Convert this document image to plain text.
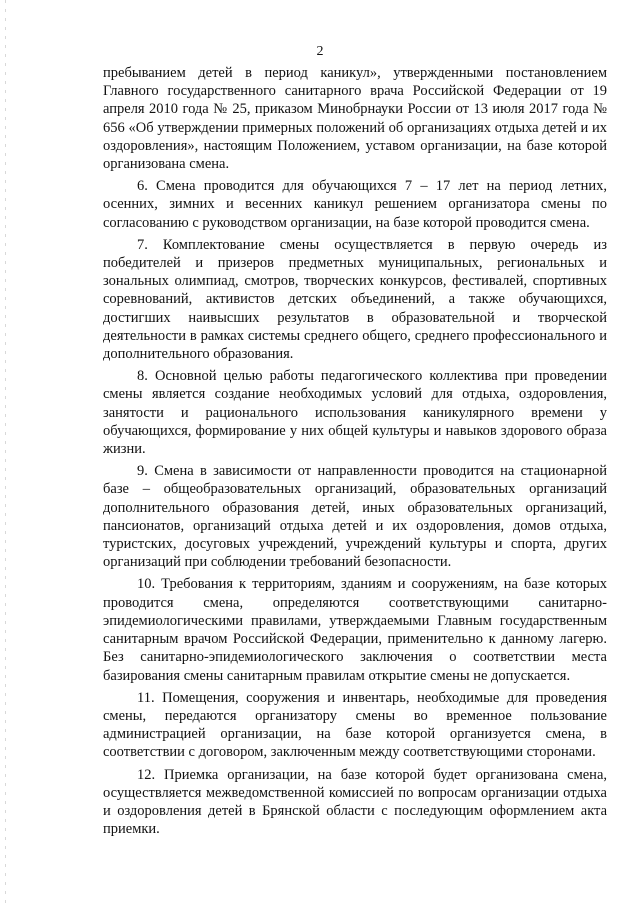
2

пребыванием детей в период каникул», утвержденными постановлением Главного государственного санитарного врача Российской Федерации от 19 апреля 2010 года № 25, приказом Минобрнауки России от 13 июля 2017 года № 656 «Об утверждении примерных положений об организациях отдыха детей и их оздоровления», настоящим Положением, уставом организации, на базе которой организована смена.

6. Смена проводится для обучающихся 7 – 17 лет на период летних, осенних, зимних и весенних каникул решением организатора смены по согласованию с руководством организации, на базе которой проводится смена.

7. Комплектование смены осуществляется в первую очередь из победителей и призеров предметных муниципальных, региональных и зональных олимпиад, смотров, творческих конкурсов, фестивалей, спортивных соревнований, активистов детских объединений, а также обучающихся, достигших наивысших результатов в образовательной и творческой деятельности в рамках системы среднего общего, среднего профессионального и дополнительного образования.

8. Основной целью работы педагогического коллектива при проведении смены является создание необходимых условий для отдыха, оздоровления, занятости и рационального использования каникулярного времени у обучающихся, формирование у них общей культуры и навыков здорового образа жизни.

9. Смена в зависимости от направленности проводится на стационарной базе – общеобразовательных организаций, образовательных организаций дополнительного образования детей, иных образовательных организаций, пансионатов, организаций отдыха детей и их оздоровления, домов отдыха, туристских, досуговых учреждений, учреждений культуры и спорта, других организаций при соблюдении требований безопасности.

10. Требования к территориям, зданиям и сооружениям, на базе которых проводится смена, определяются соответствующими санитарно-эпидемиологическими правилами, утверждаемыми Главным государственным санитарным врачом Российской Федерации, применительно к данному лагерю. Без санитарно-эпидемиологического заключения о соответствии места базирования смены санитарным правилам открытие смены не допускается.

11. Помещения, сооружения и инвентарь, необходимые для проведения смены, передаются организатору смены во временное пользование администрацией организации, на базе которой организуется смена, в соответствии с договором, заключенным между соответствующими сторонами.

12. Приемка организации, на базе которой будет организована смена, осуществляется межведомственной комиссией по вопросам организации отдыха и оздоровления детей в Брянской области с последующим оформлением акта приемки.
